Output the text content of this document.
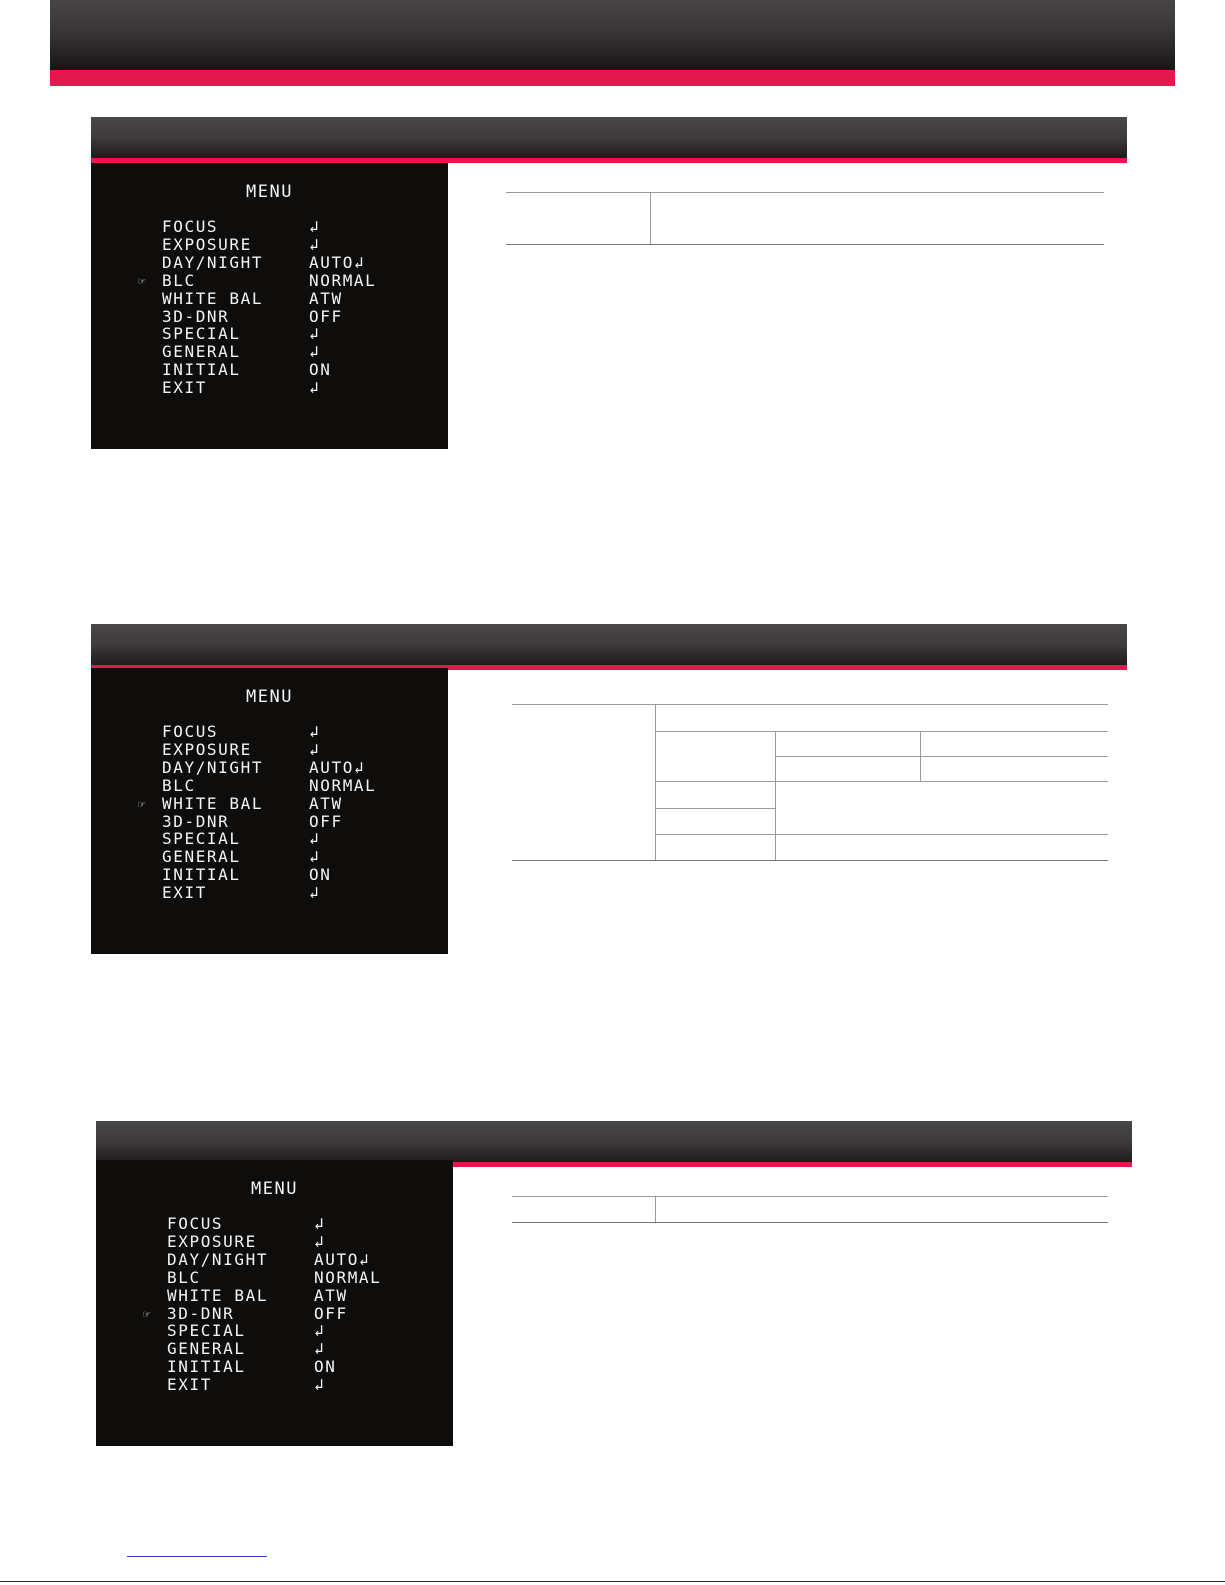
MENU
FOCUS	↲
EXPOSURE	↲
DAY/NIGHT	AUTO↲
☞ BLC	NORMAL
WHITE BAL	ATW
3D-DNR	OFF
SPECIAL	↲
GENERAL	↲
INITIAL	ON
EXIT	↲
MENU
FOCUS	↲
EXPOSURE	↲
DAY/NIGHT	AUTO↲
BLC	NORMAL
☞ WHITE BAL	ATW
3D-DNR	OFF
SPECIAL	↲
GENERAL	↲
INITIAL	ON
EXIT	↲
MENU
FOCUS	↲
EXPOSURE	↲
DAY/NIGHT	AUTO↲
BLC	NORMAL
WHITE BAL	ATW
☞ 3D-DNR	OFF
SPECIAL	↲
GENERAL	↲
INITIAL	ON
EXIT	↲
